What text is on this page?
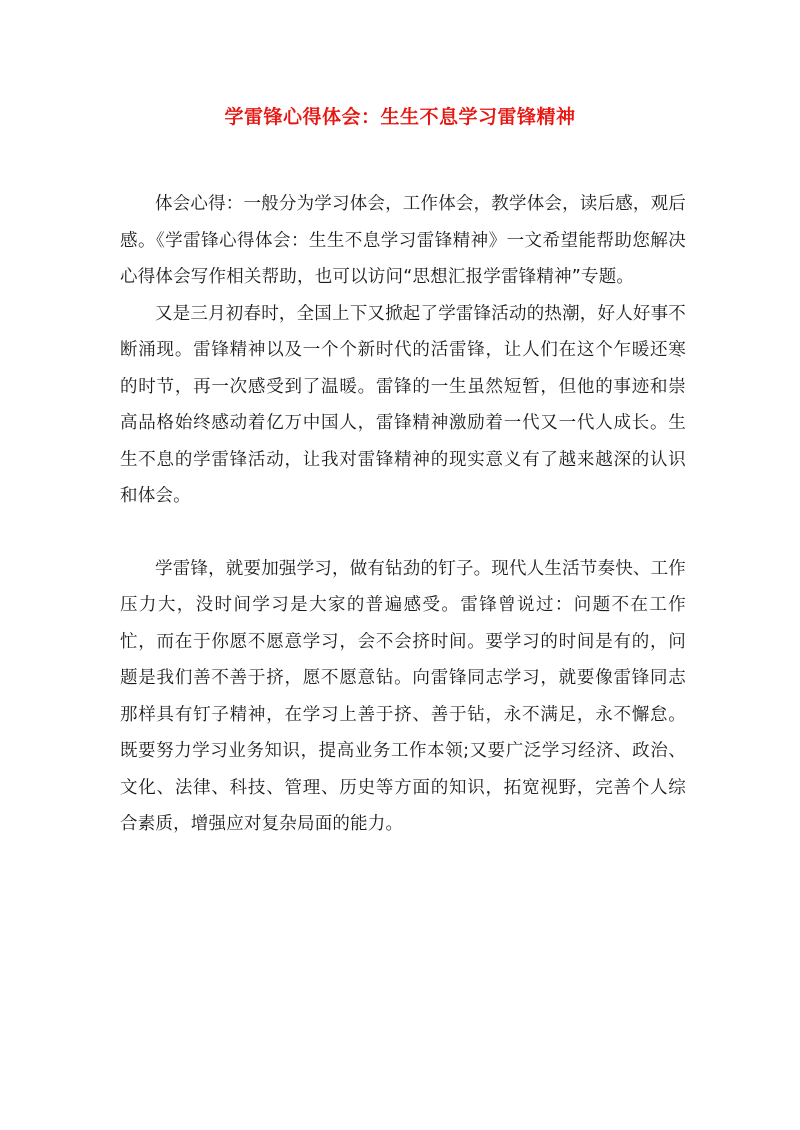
学雷锋心得体会：生生不息学习雷锋精神

体会心得：一般分为学习体会，工作体会，教学体会，读后感，观后感。《学雷锋心得体会：生生不息学习雷锋精神》一文希望能帮助您解决心得体会写作相关帮助，也可以访问“思想汇报学雷锋精神”专题。

又是三月初春时，全国上下又掀起了学雷锋活动的热潮，好人好事不断涌现。雷锋精神以及一个个新时代的活雷锋，让人们在这个乍暖还寒的时节，再一次感受到了温暖。雷锋的一生虽然短暂，但他的事迹和崇高品格始终感动着亿万中国人，雷锋精神激励着一代又一代人成长。生生不息的学雷锋活动，让我对雷锋精神的现实意义有了越来越深的认识和体会。

学雷锋，就要加强学习，做有钻劲的钉子。现代人生活节奏快、工作压力大，没时间学习是大家的普遍感受。雷锋曾说过：问题不在工作忙，而在于你愿不愿意学习，会不会挤时间。要学习的时间是有的，问题是我们善不善于挤，愿不愿意钻。向雷锋同志学习，就要像雷锋同志那样具有钉子精神，在学习上善于挤、善于钻，永不满足，永不懈怠。既要努力学习业务知识，提高业务工作本领;又要广泛学习经济、政治、文化、法律、科技、管理、历史等方面的知识，拓宽视野，完善个人综合素质，增强应对复杂局面的能力。
